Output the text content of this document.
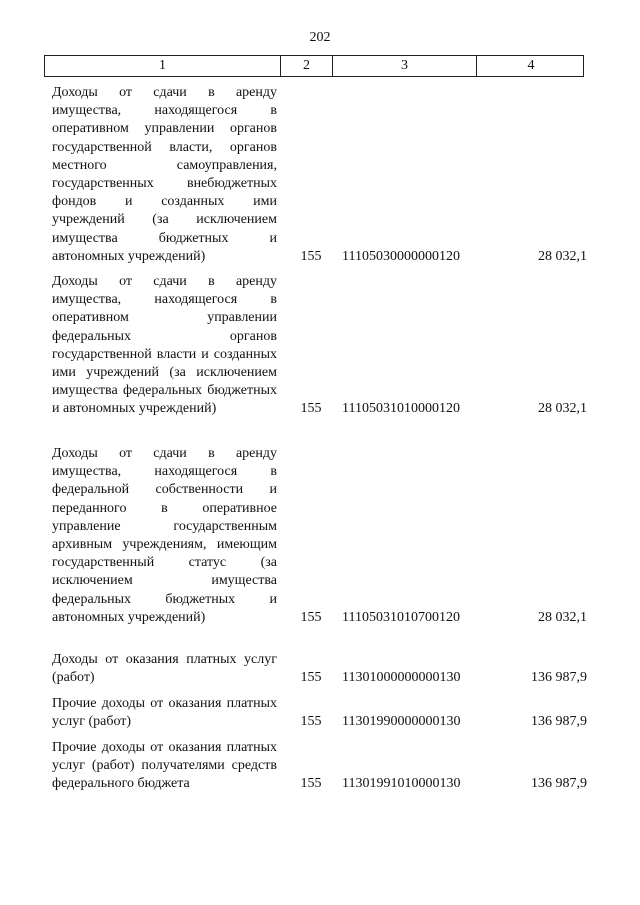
202
1	2	3	4
Доходы от сдачи в аренду имущества, находящегося в оперативном управлении органов государственной власти, органов местного самоуправления, государственных внебюджетных фондов и созданных ими учреждений (за исключением имущества бюджетных и автономных учреждений)	155	11105030000000120	28 032,1
Доходы от сдачи в аренду имущества, находящегося в оперативном управлении федеральных органов государственной власти и созданных ими учреждений (за исключением имущества федеральных бюджетных и автономных учреждений)	155	11105031010000120	28 032,1
Доходы от сдачи в аренду имущества, находящегося в федеральной собственности и переданного в оперативное управление государственным архивным учреждениям, имеющим государственный статус (за исключением имущества федеральных бюджетных и автономных учреждений)	155	11105031010700120	28 032,1
Доходы от оказания платных услуг (работ)	155	11301000000000130	136 987,9
Прочие доходы от оказания платных услуг (работ)	155	11301990000000130	136 987,9
Прочие доходы от оказания платных услуг (работ) получателями средств федерального бюджета	155	11301991010000130	136 987,9
